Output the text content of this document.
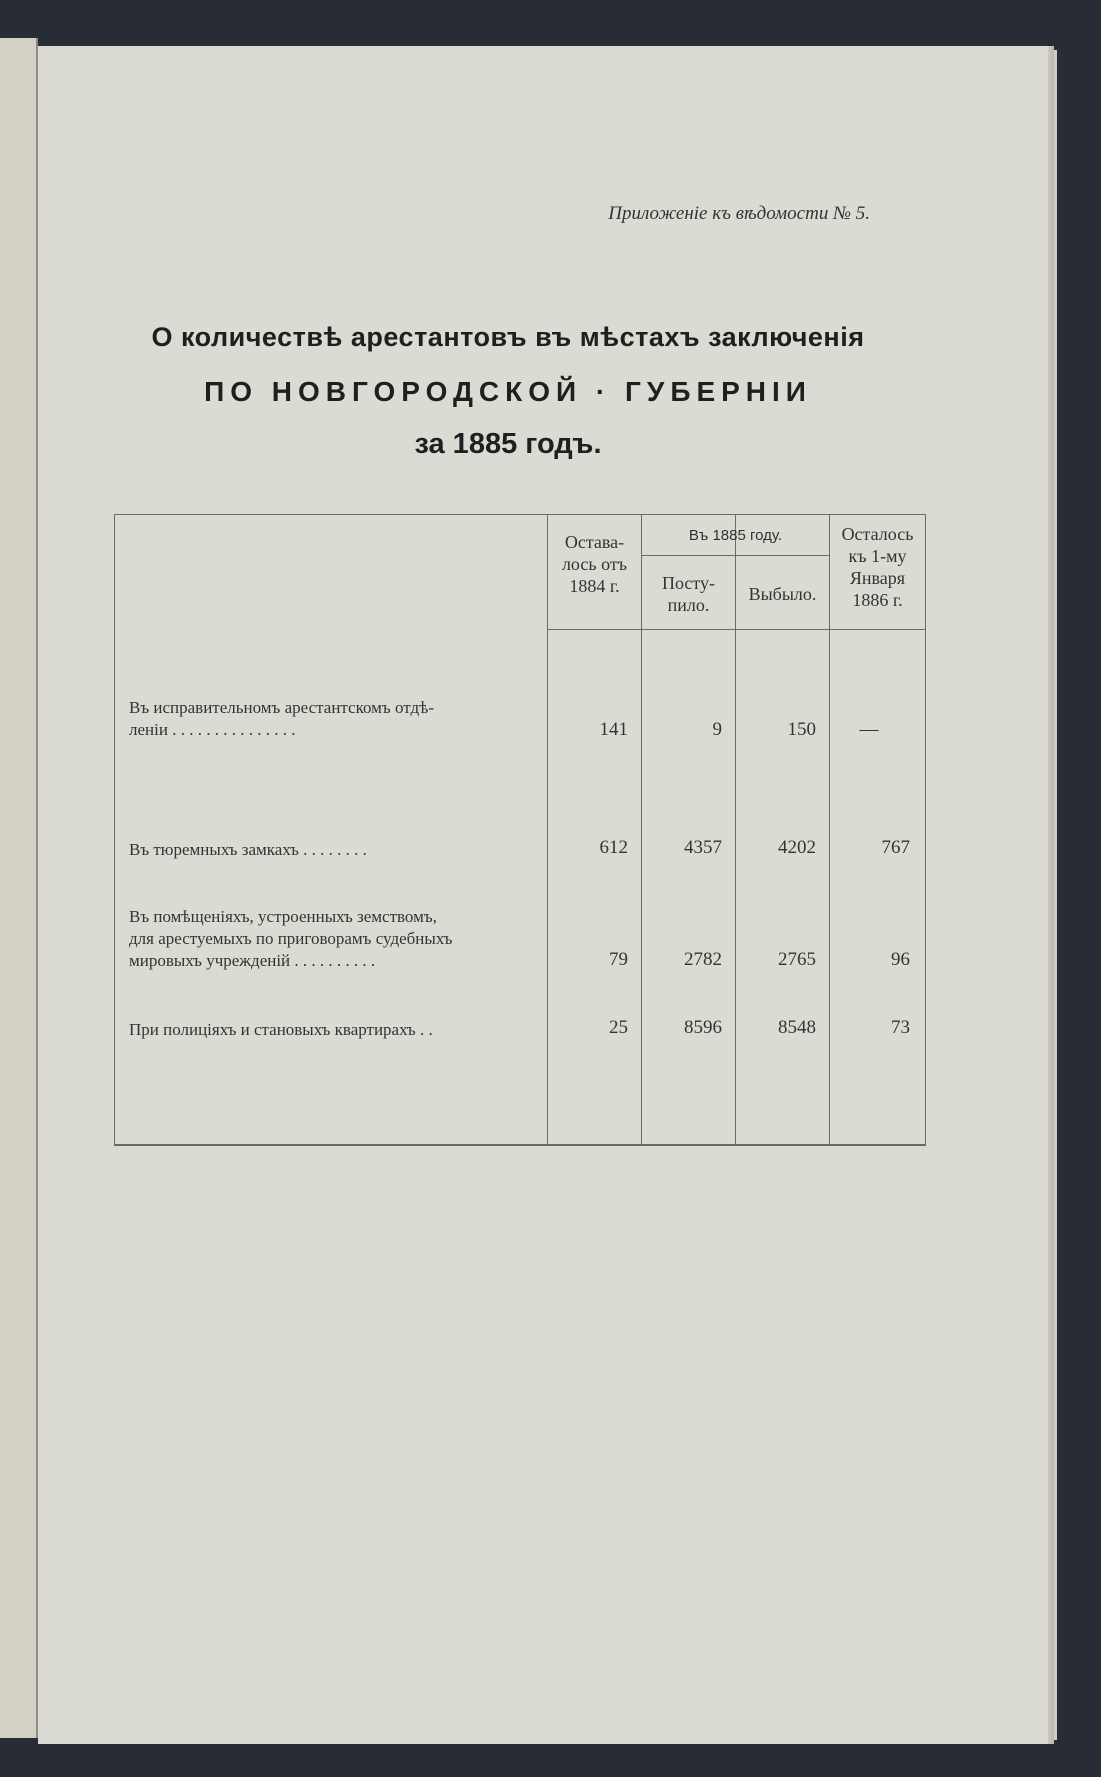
Приложеніе къ вѣдомости № 5.
О количествѣ арестантовъ въ мѣстахъ заключенія
ПО НОВГОРОДСКОЙ · ГУБЕРНІИ
за 1885 годъ.
Остава-
лось отъ
1884 г.
Въ 1885 году.
Посту-
пило.
Выбыло.
Осталось
къ 1-му
Января
1886 г.
Въ исправительномъ арестантскомъ отдѣ-
леніи . . . . . . . . . . . . . . .	141	9	150	—
Въ тюремныхъ замкахъ . . . . . . . .	612	4357	4202	767
Въ помѣщеніяхъ, устроенныхъ земствомъ,
для арестуемыхъ по приговорамъ судебныхъ
мировыхъ учрежденій . . . . . . . . . .	79	2782	2765	96
При полиціяхъ и становыхъ квартирахъ . .	25	8596	8548	73
